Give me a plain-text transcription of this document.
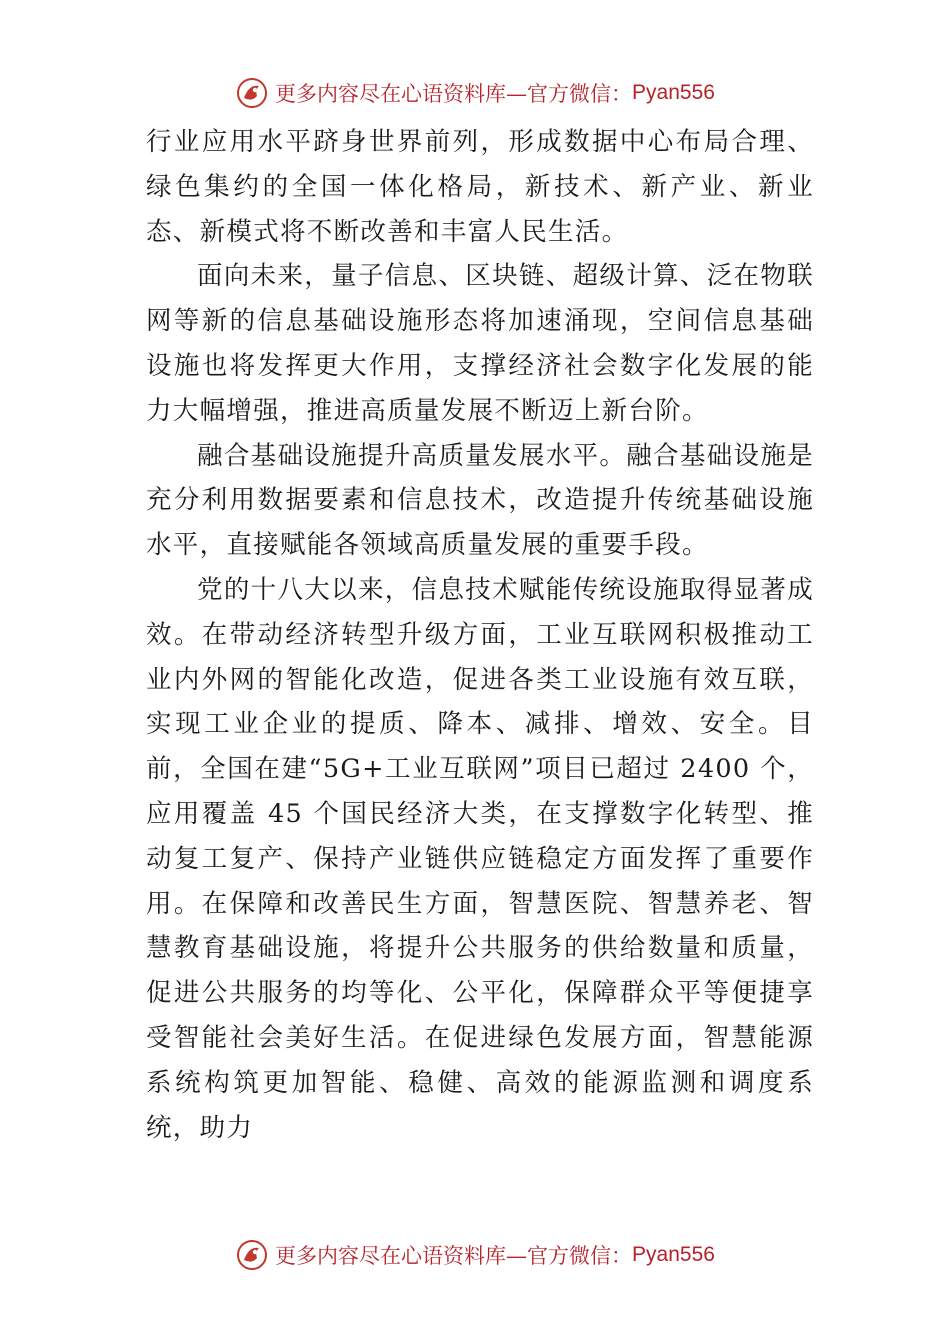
更多内容尽在心语资料库—官方微信： Pyan556

行业应用水平跻身世界前列，形成数据中心布局合理、绿色集约的全国一体化格局，新技术、新产业、新业态、新模式将不断改善和丰富人民生活。

面向未来，量子信息、区块链、超级计算、泛在物联网等新的信息基础设施形态将加速涌现，空间信息基础设施也将发挥更大作用，支撑经济社会数字化发展的能力大幅增强，推进高质量发展不断迈上新台阶。

融合基础设施提升高质量发展水平。融合基础设施是充分利用数据要素和信息技术，改造提升传统基础设施水平，直接赋能各领域高质量发展的重要手段。

党的十八大以来，信息技术赋能传统设施取得显著成效。在带动经济转型升级方面，工业互联网积极推动工业内外网的智能化改造，促进各类工业设施有效互联，实现工业企业的提质、降本、减排、增效、安全。目前，全国在建“5G+工业互联网”项目已超过 2400 个，应用覆盖 45 个国民经济大类，在支撑数字化转型、推动复工复产、保持产业链供应链稳定方面发挥了重要作用。在保障和改善民生方面，智慧医院、智慧养老、智慧教育基础设施，将提升公共服务的供给数量和质量，促进公共服务的均等化、公平化，保障群众平等便捷享受智能社会美好生活。在促进绿色发展方面，智慧能源系统构筑更加智能、稳健、高效的能源监测和调度系统，助力

更多内容尽在心语资料库—官方微信： Pyan556
